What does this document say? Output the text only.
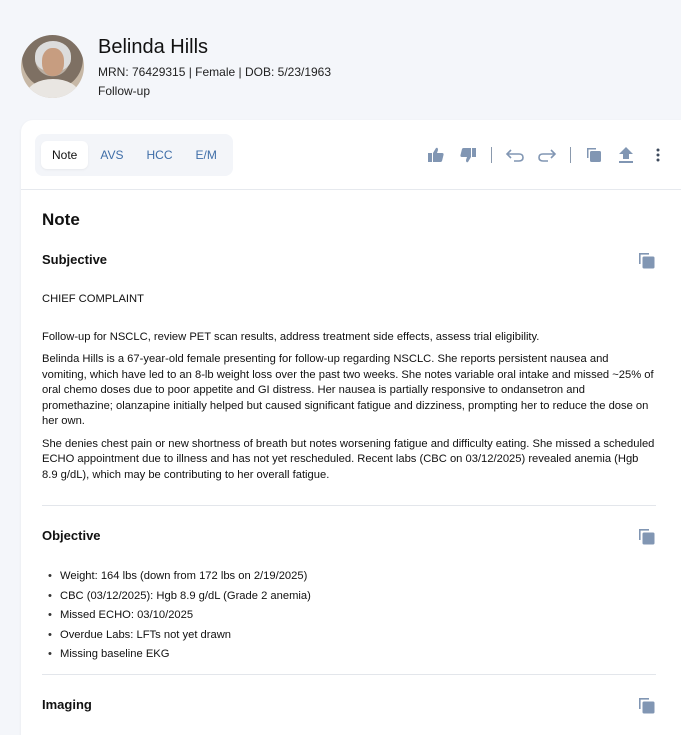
Belinda Hills
MRN: 76429315 | Female | DOB: 5/23/1963
Follow-up
Note	AVS	HCC	E/M
Note
Subjective
CHIEF COMPLAINT
Follow-up for NSCLC, review PET scan results, address treatment side effects, assess trial eligibility.
Belinda Hills is a 67-year-old female presenting for follow-up regarding NSCLC. She reports persistent nausea and vomiting, which have led to an 8-lb weight loss over the past two weeks. She notes variable oral intake and missed ~25% of oral chemo doses due to poor appetite and GI distress. Her nausea is partially responsive to ondansetron and promethazine; olanzapine initially helped but caused significant fatigue and dizziness, prompting her to reduce the dose on her own.
She denies chest pain or new shortness of breath but notes worsening fatigue and difficulty eating. She missed a scheduled ECHO appointment due to illness and has not yet rescheduled. Recent labs (CBC on 03/12/2025) revealed anemia (Hgb 8.9 g/dL), which may be contributing to her overall fatigue.
Objective
• Weight: 164 lbs (down from 172 lbs on 2/19/2025)
• CBC (03/12/2025): Hgb 8.9 g/dL (Grade 2 anemia)
• Missed ECHO: 03/10/2025
• Overdue Labs: LFTs not yet drawn
• Missing baseline EKG
Imaging
